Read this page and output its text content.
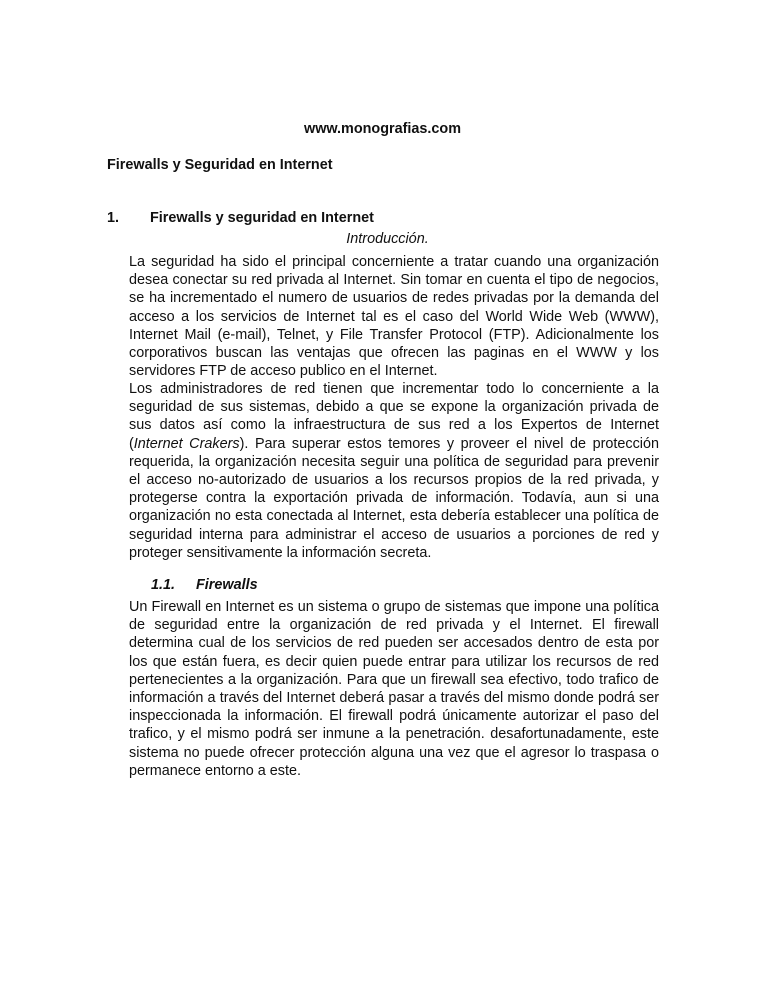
www.monografias.com
Firewalls y Seguridad en Internet
1. Firewalls y seguridad en Internet
Introducción.

La seguridad ha sido el principal concerniente a tratar cuando una organización desea conectar su red privada al Internet. Sin tomar en cuenta el tipo de negocios, se ha incrementado el numero de usuarios de redes privadas por la demanda del acceso a los servicios de Internet tal es el caso del World Wide Web (WWW), Internet Mail (e-mail), Telnet, y File Transfer Protocol (FTP). Adicionalmente los corporativos buscan las ventajas que ofrecen las paginas en el WWW y los servidores FTP de acceso publico en el Internet.

Los administradores de red tienen que incrementar todo lo concerniente a la seguridad de sus sistemas, debido a que se expone la organización privada de sus datos así como la infraestructura de sus red a los Expertos de Internet (Internet Crakers). Para superar estos temores y proveer el nivel de protección requerida, la organización necesita seguir una política de seguridad para prevenir el acceso no-autorizado de usuarios a los recursos propios de la red privada, y protegerse contra la exportación privada de información. Todavía, aun si una organización no esta conectada al Internet, esta debería establecer una política de seguridad interna para administrar el acceso de usuarios a porciones de red y proteger sensitivamente la información secreta.

1.1. Firewalls

Un Firewall en Internet es un sistema o grupo de sistemas que impone una política de seguridad entre la organización de red privada y el Internet. El firewall determina cual de los servicios de red pueden ser accesados dentro de esta por los que están fuera, es decir quien puede entrar para utilizar los recursos de red pertenecientes a la organización. Para que un firewall sea efectivo, todo trafico de información a través del Internet deberá pasar a través del mismo donde podrá ser inspeccionada la información. El firewall podrá únicamente autorizar el paso del trafico, y el mismo podrá ser inmune a la penetración. desafortunadamente, este sistema no puede ofrecer protección alguna una vez que el agresor lo traspasa o permanece entorno a este.
